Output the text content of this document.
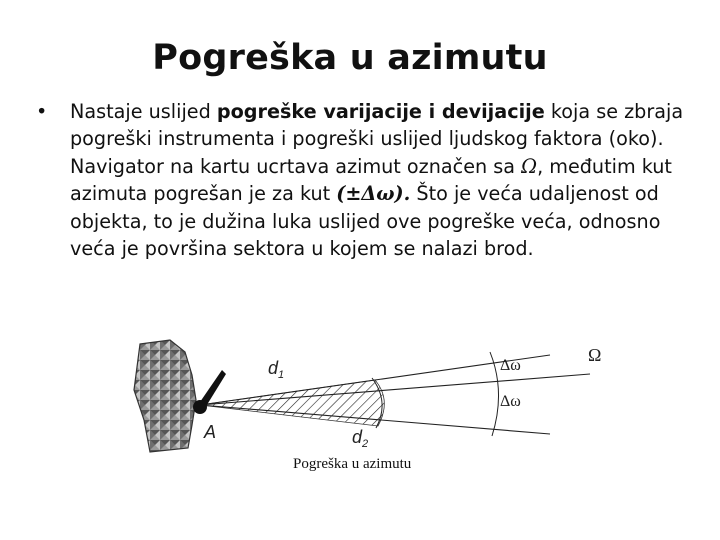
Pogreška u azimutu
•	Nastaje uslijed pogreške varijacije i devijacije koja se zbraja pogreški instrumenta i pogreški uslijed ljudskog faktora (oko). Navigator na kartu ucrtava azimut označen sa Ω, međutim kut azimuta pogrešan je za kut (±Δω). Što je veća udaljenost od objekta, to je dužina luka uslijed ove pogreške veća, odnosno veća je površina sektora u kojem se nalazi brod.
$d_1$
$d_2$
A
Ω
Δω
Δω
Pogreška u azimutu
